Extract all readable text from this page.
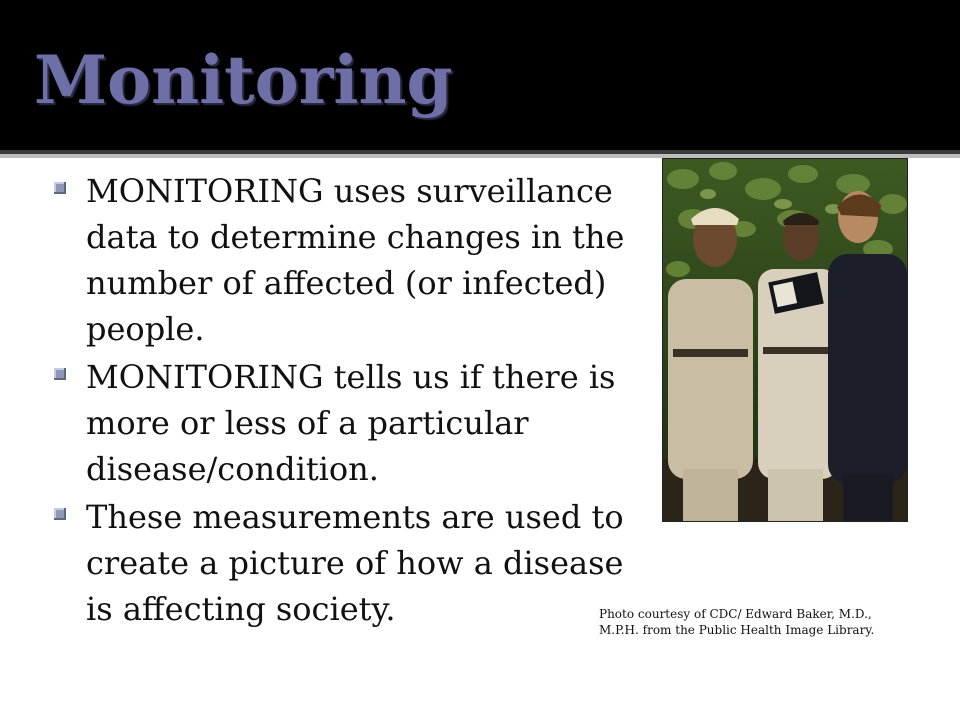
Monitoring
MONITORING uses surveillance data to determine changes in the number of affected (or infected) people.
MONITORING tells us if there is more or less of a particular disease/condition.
These measurements are used to create a picture of how a disease is affecting society.	Photo courtesy of CDC/ Edward Baker, M.D.,
M.P.H. from the Public Health Image Library.
